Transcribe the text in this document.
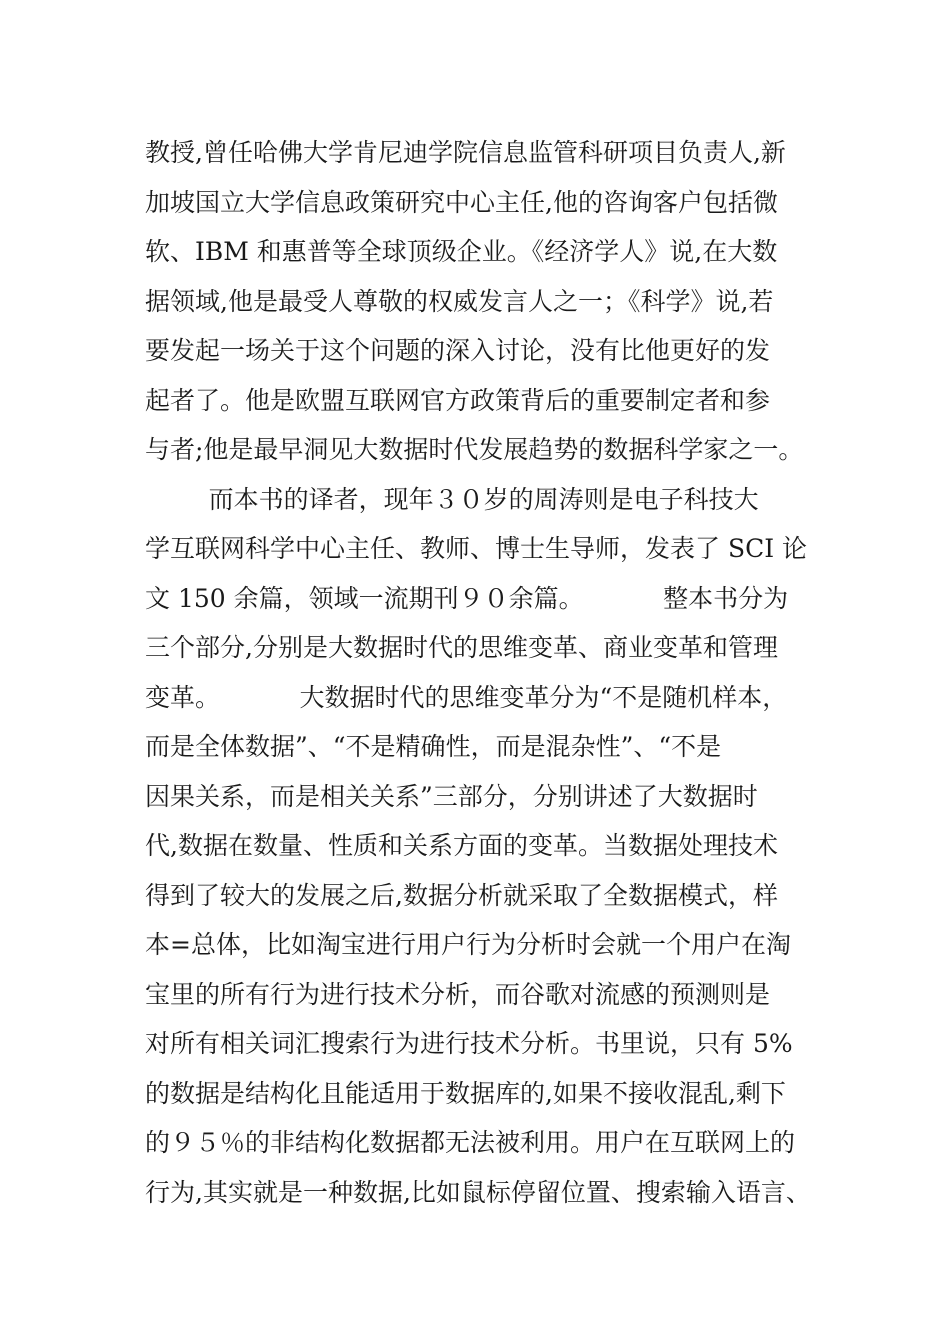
教授,曾任哈佛大学肯尼迪学院信息监管科研项目负责人,新
加坡国立大学信息政策研究中心主任,他的咨询客户包括微
软、IBM 和惠普等全球顶级企业。《经济学人》说,在大数
据领域,他是最受人尊敬的权威发言人之一；《科学》说,若
要发起一场关于这个问题的深入讨论，没有比他更好的发
起者了。他是欧盟互联网官方政策背后的重要制定者和参
与者;他是最早洞见大数据时代发展趋势的数据科学家之一。
而本书的译者，现年３０岁的周涛则是电子科技大
学互联网科学中心主任、教师、博士生导师，发表了 SCI 论
文 150 余篇，领域一流期刊９０余篇。          整本书分为
三个部分,分别是大数据时代的思维变革、商业变革和管理
变革。          大数据时代的思维变革分为“不是随机样本，
而是全体数据”、“不是精确性，而是混杂性”、“不是
因果关系，而是相关关系”三部分，分别讲述了大数据时
代,数据在数量、性质和关系方面的变革。当数据处理技术
得到了较大的发展之后,数据分析就采取了全数据模式，样
本=总体，比如淘宝进行用户行为分析时会就一个用户在淘
宝里的所有行为进行技术分析，而谷歌对流感的预测则是
对所有相关词汇搜索行为进行技术分析。书里说，只有 5%
的数据是结构化且能适用于数据库的,如果不接收混乱,剩下
的９５％的非结构化数据都无法被利用。用户在互联网上的
行为,其实就是一种数据,比如鼠标停留位置、搜索输入语言、
